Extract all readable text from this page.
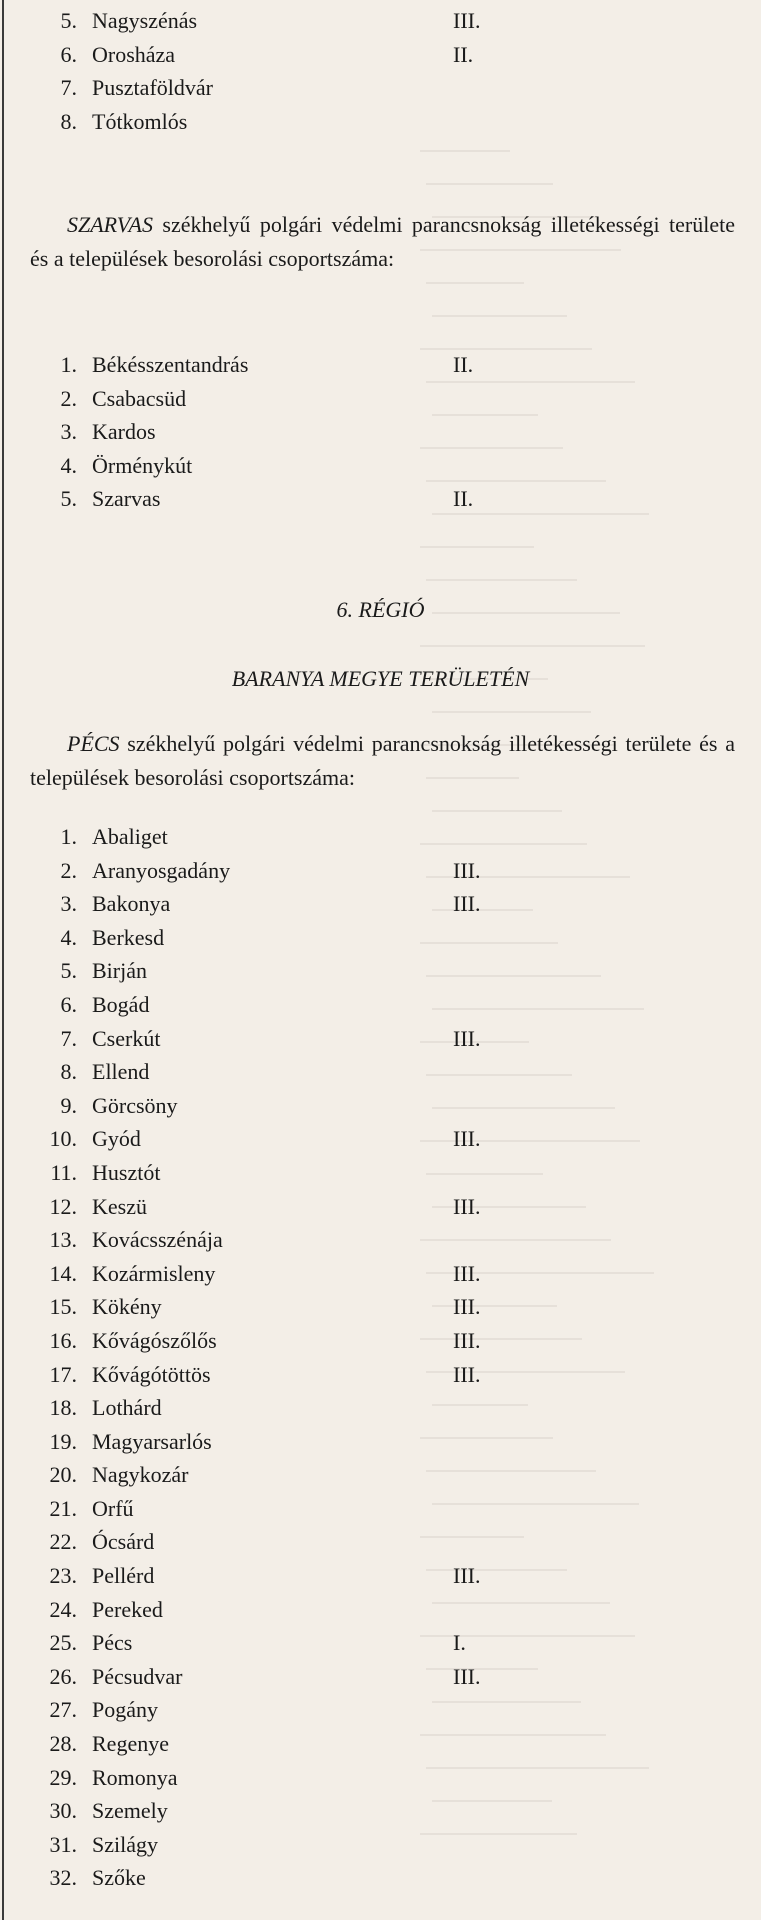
5. Nagyszénás	III.
6. Orosháza	II.
7. Pusztaföldvár
8. Tótkomlós

SZARVAS székhelyű polgári védelmi parancsnokság illetékességi területe és a települések besorolási csoportszáma:

1. Békésszentandrás	II.
2. Csabacsüd
3. Kardos
4. Örménykút
5. Szarvas	II.
6. RÉGIÓ
BARANYA MEGYE TERÜLETÉN

PÉCS székhelyű polgári védelmi parancsnokság illetékességi területe és a települések besorolási csoportszáma:

1. Abaliget
2. Aranyosgadány	III.
3. Bakonya	III.
4. Berkesd
5. Birján
6. Bogád
7. Cserkút	III.
8. Ellend
9. Görcsöny
10. Gyód	III.
11. Husztót
12. Keszü	III.
13. Kovácsszénája
14. Kozármisleny	III.
15. Kökény	III.
16. Kővágószőlős	III.
17. Kővágótöttös	III.
18. Lothárd
19. Magyarsarlós
20. Nagykozár
21. Orfű
22. Ócsárd
23. Pellérd	III.
24. Pereked
25. Pécs	I.
26. Pécsudvar	III.
27. Pogány
28. Regenye
29. Romonya
30. Szemely
31. Szilágy
32. Szőke
